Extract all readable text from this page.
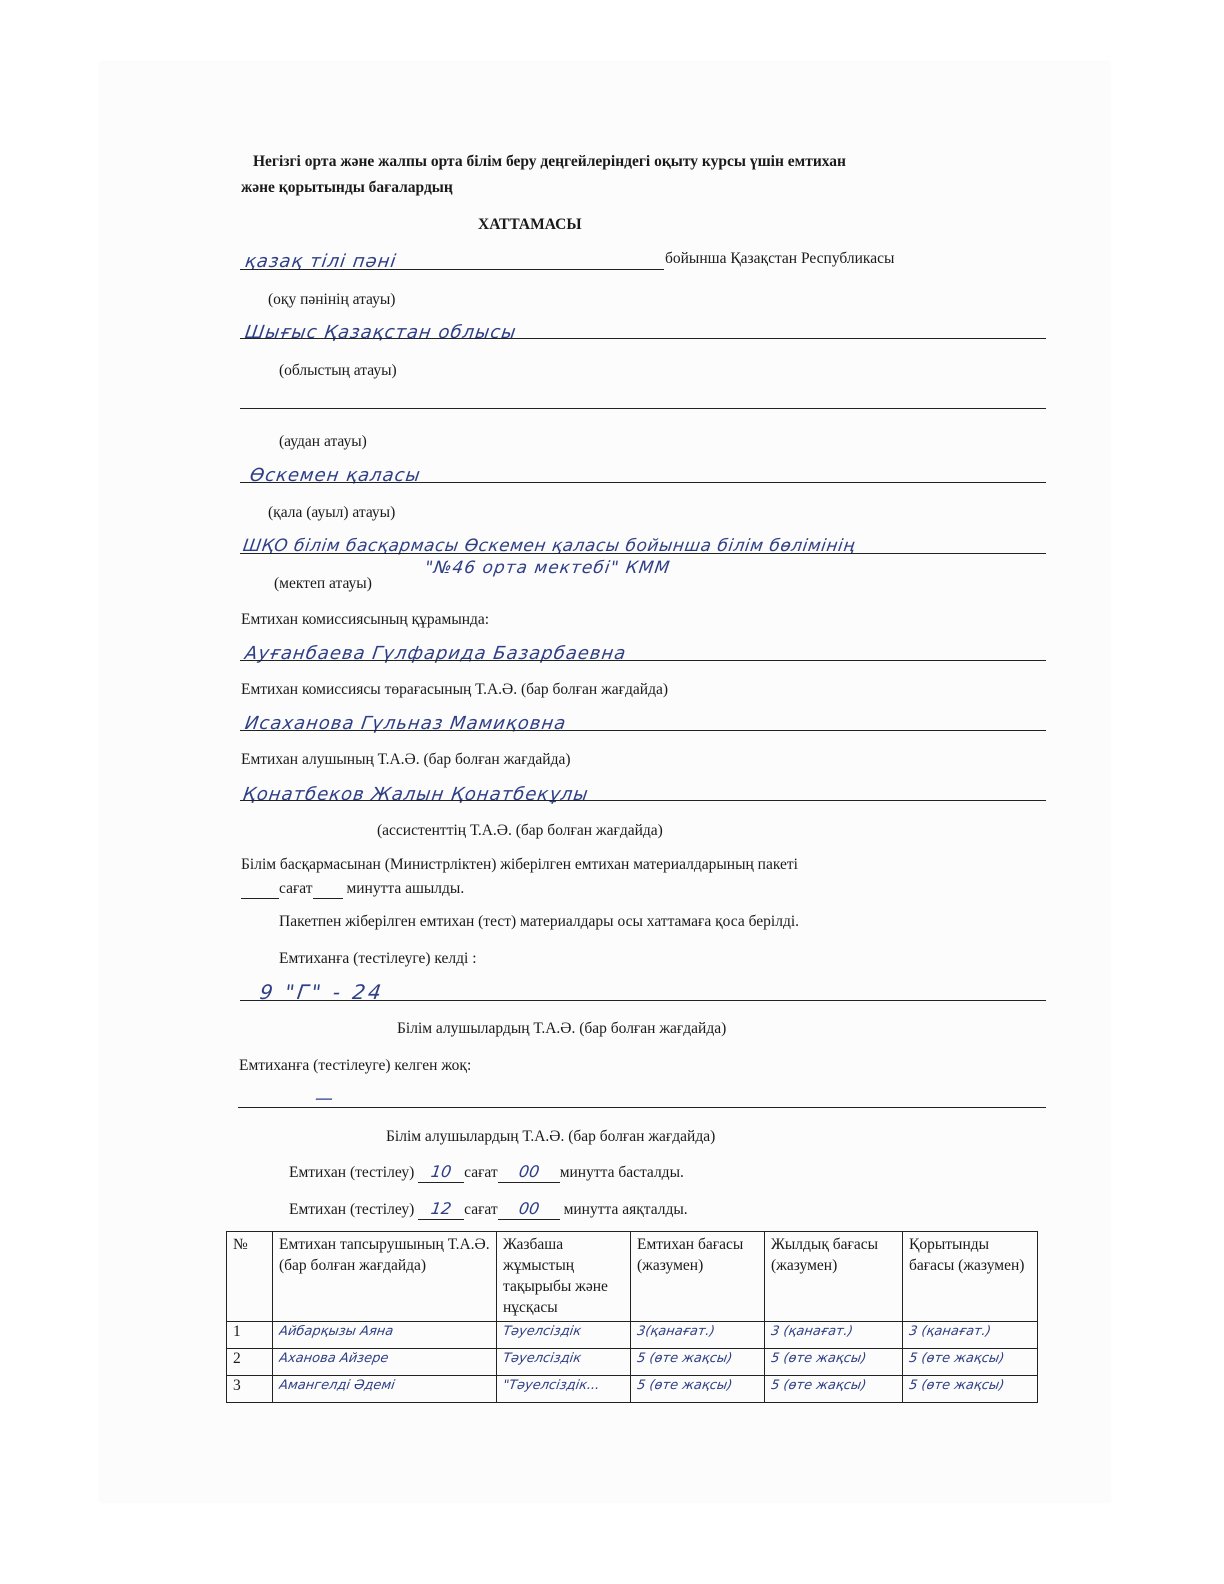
Негізгі орта және жалпы орта білім беру деңгейлеріндегі оқыту курсы үшін емтихан
және қорытынды бағалардың
ХАТТАМАСЫ
қазақ тілі пәні	бойынша Қазақстан Республикасы
(оқу пәнінің атауы)
Шығыс Қазақстан облысы
(облыстың атауы)
(аудан атауы)
Өскемен қаласы
(қала (ауыл) атауы)
ШҚО білім басқармасы Өскемен қаласы бойынша білім бөлімінің
"№46 орта мектебі" КММ
(мектеп атауы)
Емтихан комиссиясының құрамында:
Ауғанбаева Гүлфарида Базарбаевна
Емтихан комиссиясы төрағасының Т.А.Ә. (бар болған жағдайда)
Исаханова Гүльназ Мамиқовна
Емтихан алушының Т.А.Ә. (бар болған жағдайда)
Қонатбеков Жалын Қонатбекұлы
(ассистенттің Т.А.Ә. (бар болған жағдайда)
Білім басқармасынан (Министрліктен) жіберілген емтихан материалдарының пакеті
сағат  минутта ашылды.
Пакетпен жіберілген емтихан (тест) материалдары осы хаттамаға қоса берілді.
Емтиханға (тестілеуге) келді :
9 "Г" - 24
Білім алушылардың Т.А.Ә. (бар болған жағдайда)
Емтиханға (тестілеуге) келген жоқ:
—
Білім алушылардың Т.А.Ә. (бар болған жағдайда)
Емтихан (тестілеу) 10 сағат 00 минутта басталды.
Емтихан (тестілеу) 12 сағат 00 минутта аяқталды.
№	Емтихан тапсырушының Т.А.Ә. (бар болған жағдайда)	Жазбаша жұмыстың тақырыбы және нұсқасы	Емтихан бағасы (жазумен)	Жылдық бағасы (жазумен)	Қорытынды бағасы (жазумен)
1	Айбарқызы Аяна	Тәуелсіздік	3(қанағат.)	3 (қанағат.)	3 (қанағат.)
2	Аханова Айзере	Тәуелсіздік	5 (өте жақсы)	5 (өте жақсы)	5 (өте жақсы)
3	Амангелді Әдемі	"Тәуелсіздік...	5 (өте жақсы)	5 (өте жақсы)	5 (өте жақсы)
